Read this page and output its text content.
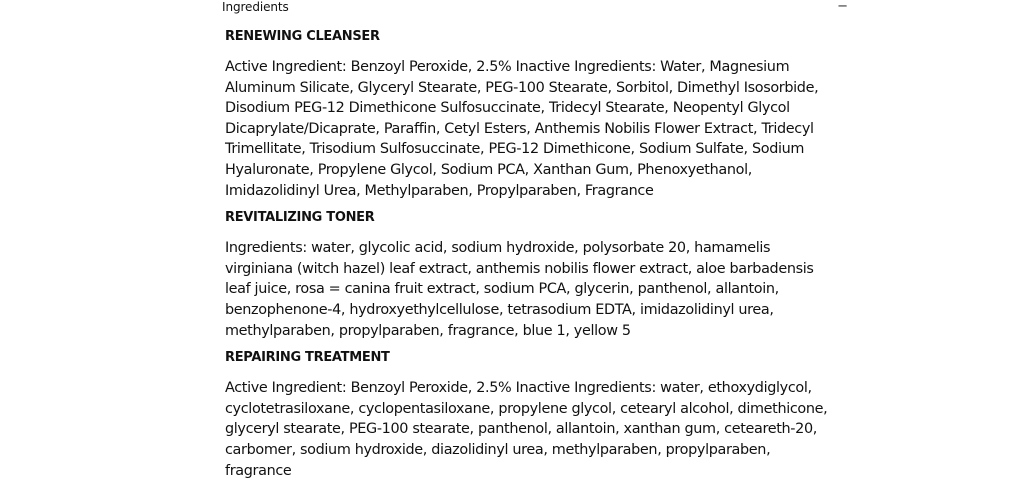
Ingredients	−

RENEWING CLEANSER

Active Ingredient: Benzoyl Peroxide, 2.5% Inactive Ingredients: Water, Magnesium Aluminum Silicate, Glyceryl Stearate, PEG-100 Stearate, Sorbitol, Dimethyl Isosorbide, Disodium PEG-12 Dimethicone Sulfosuccinate, Tridecyl Stearate, Neopentyl Glycol Dicaprylate/Dicaprate, Paraffin, Cetyl Esters, Anthemis Nobilis Flower Extract, Tridecyl Trimellitate, Trisodium Sulfosuccinate, PEG-12 Dimethicone, Sodium Sulfate, Sodium Hyaluronate, Propylene Glycol, Sodium PCA, Xanthan Gum, Phenoxyethanol, Imidazolidinyl Urea, Methylparaben, Propylparaben, Fragrance

REVITALIZING TONER

Ingredients: water, glycolic acid, sodium hydroxide, polysorbate 20, hamamelis virginiana (witch hazel) leaf extract, anthemis nobilis flower extract, aloe barbadensis leaf juice, rosa = canina fruit extract, sodium PCA, glycerin, panthenol, allantoin, benzophenone-4, hydroxyethylcellulose, tetrasodium EDTA, imidazolidinyl urea, methylparaben, propylparaben, fragrance, blue 1, yellow 5

REPAIRING TREATMENT

Active Ingredient: Benzoyl Peroxide, 2.5% Inactive Ingredients: water, ethoxydiglycol, cyclotetrasiloxane, cyclopentasiloxane, propylene glycol, cetearyl alcohol, dimethicone, glyceryl stearate, PEG-100 stearate, panthenol, allantoin, xanthan gum, ceteareth-20, carbomer, sodium hydroxide, diazolidinyl urea, methylparaben, propylparaben, fragrance
